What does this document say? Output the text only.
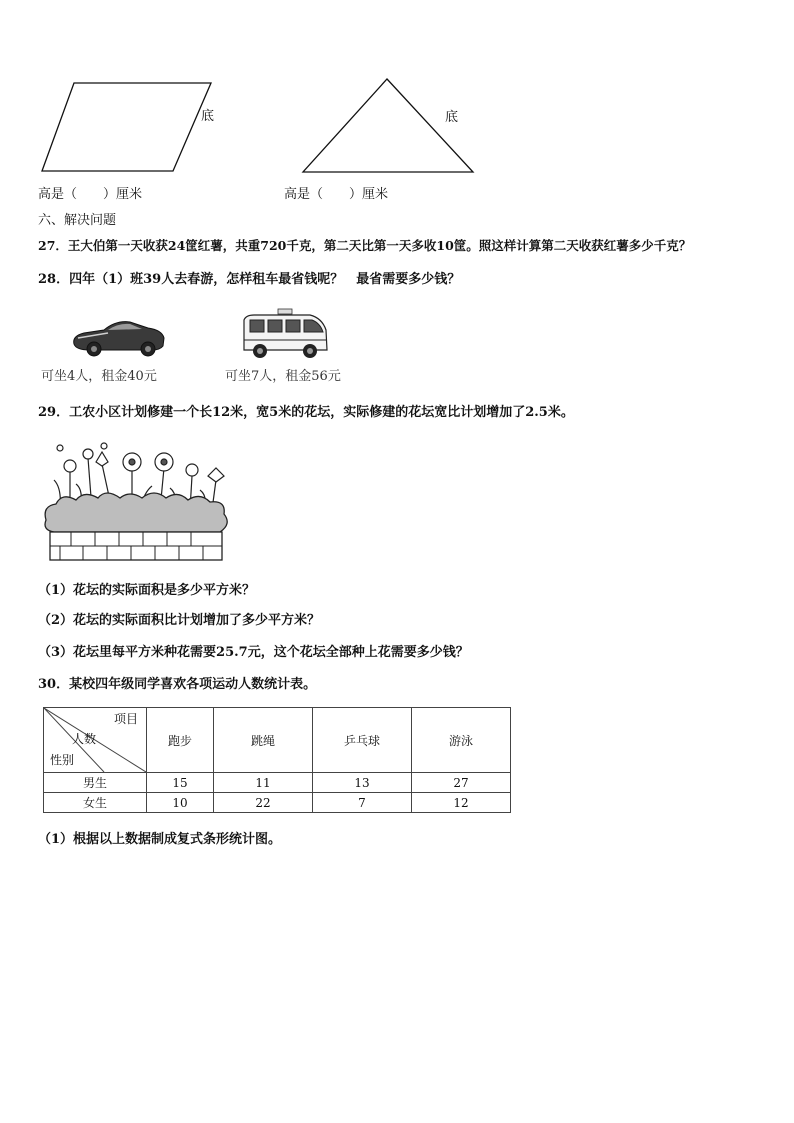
底	底
高是（　　）厘米	高是（　　）厘米
六、解决问题
27．王大伯第一天收获24筐红薯，共重720千克，第二天比第一天多收10筐。照这样计算第二天收获红薯多少千克？
28．四年（1）班39人去春游，怎样租车最省钱呢？　最省需要多少钱？
可坐4人，租金40元	可坐7人，租金56元
29．工农小区计划修建一个长12米，宽5米的花坛，实际修建的花坛宽比计划增加了2.5米。
（1）花坛的实际面积是多少平方米？
（2）花坛的实际面积比计划增加了多少平方米？
（3）花坛里每平方米种花需要25.7元，这个花坛全部种上花需要多少钱？
30．某校四年级同学喜欢各项运动人数统计表。
项目
人数
性别	跑步	跳绳	乒乓球	游泳
男生	15	11	13	27
女生	10	22	7	12
（1）根据以上数据制成复式条形统计图。
